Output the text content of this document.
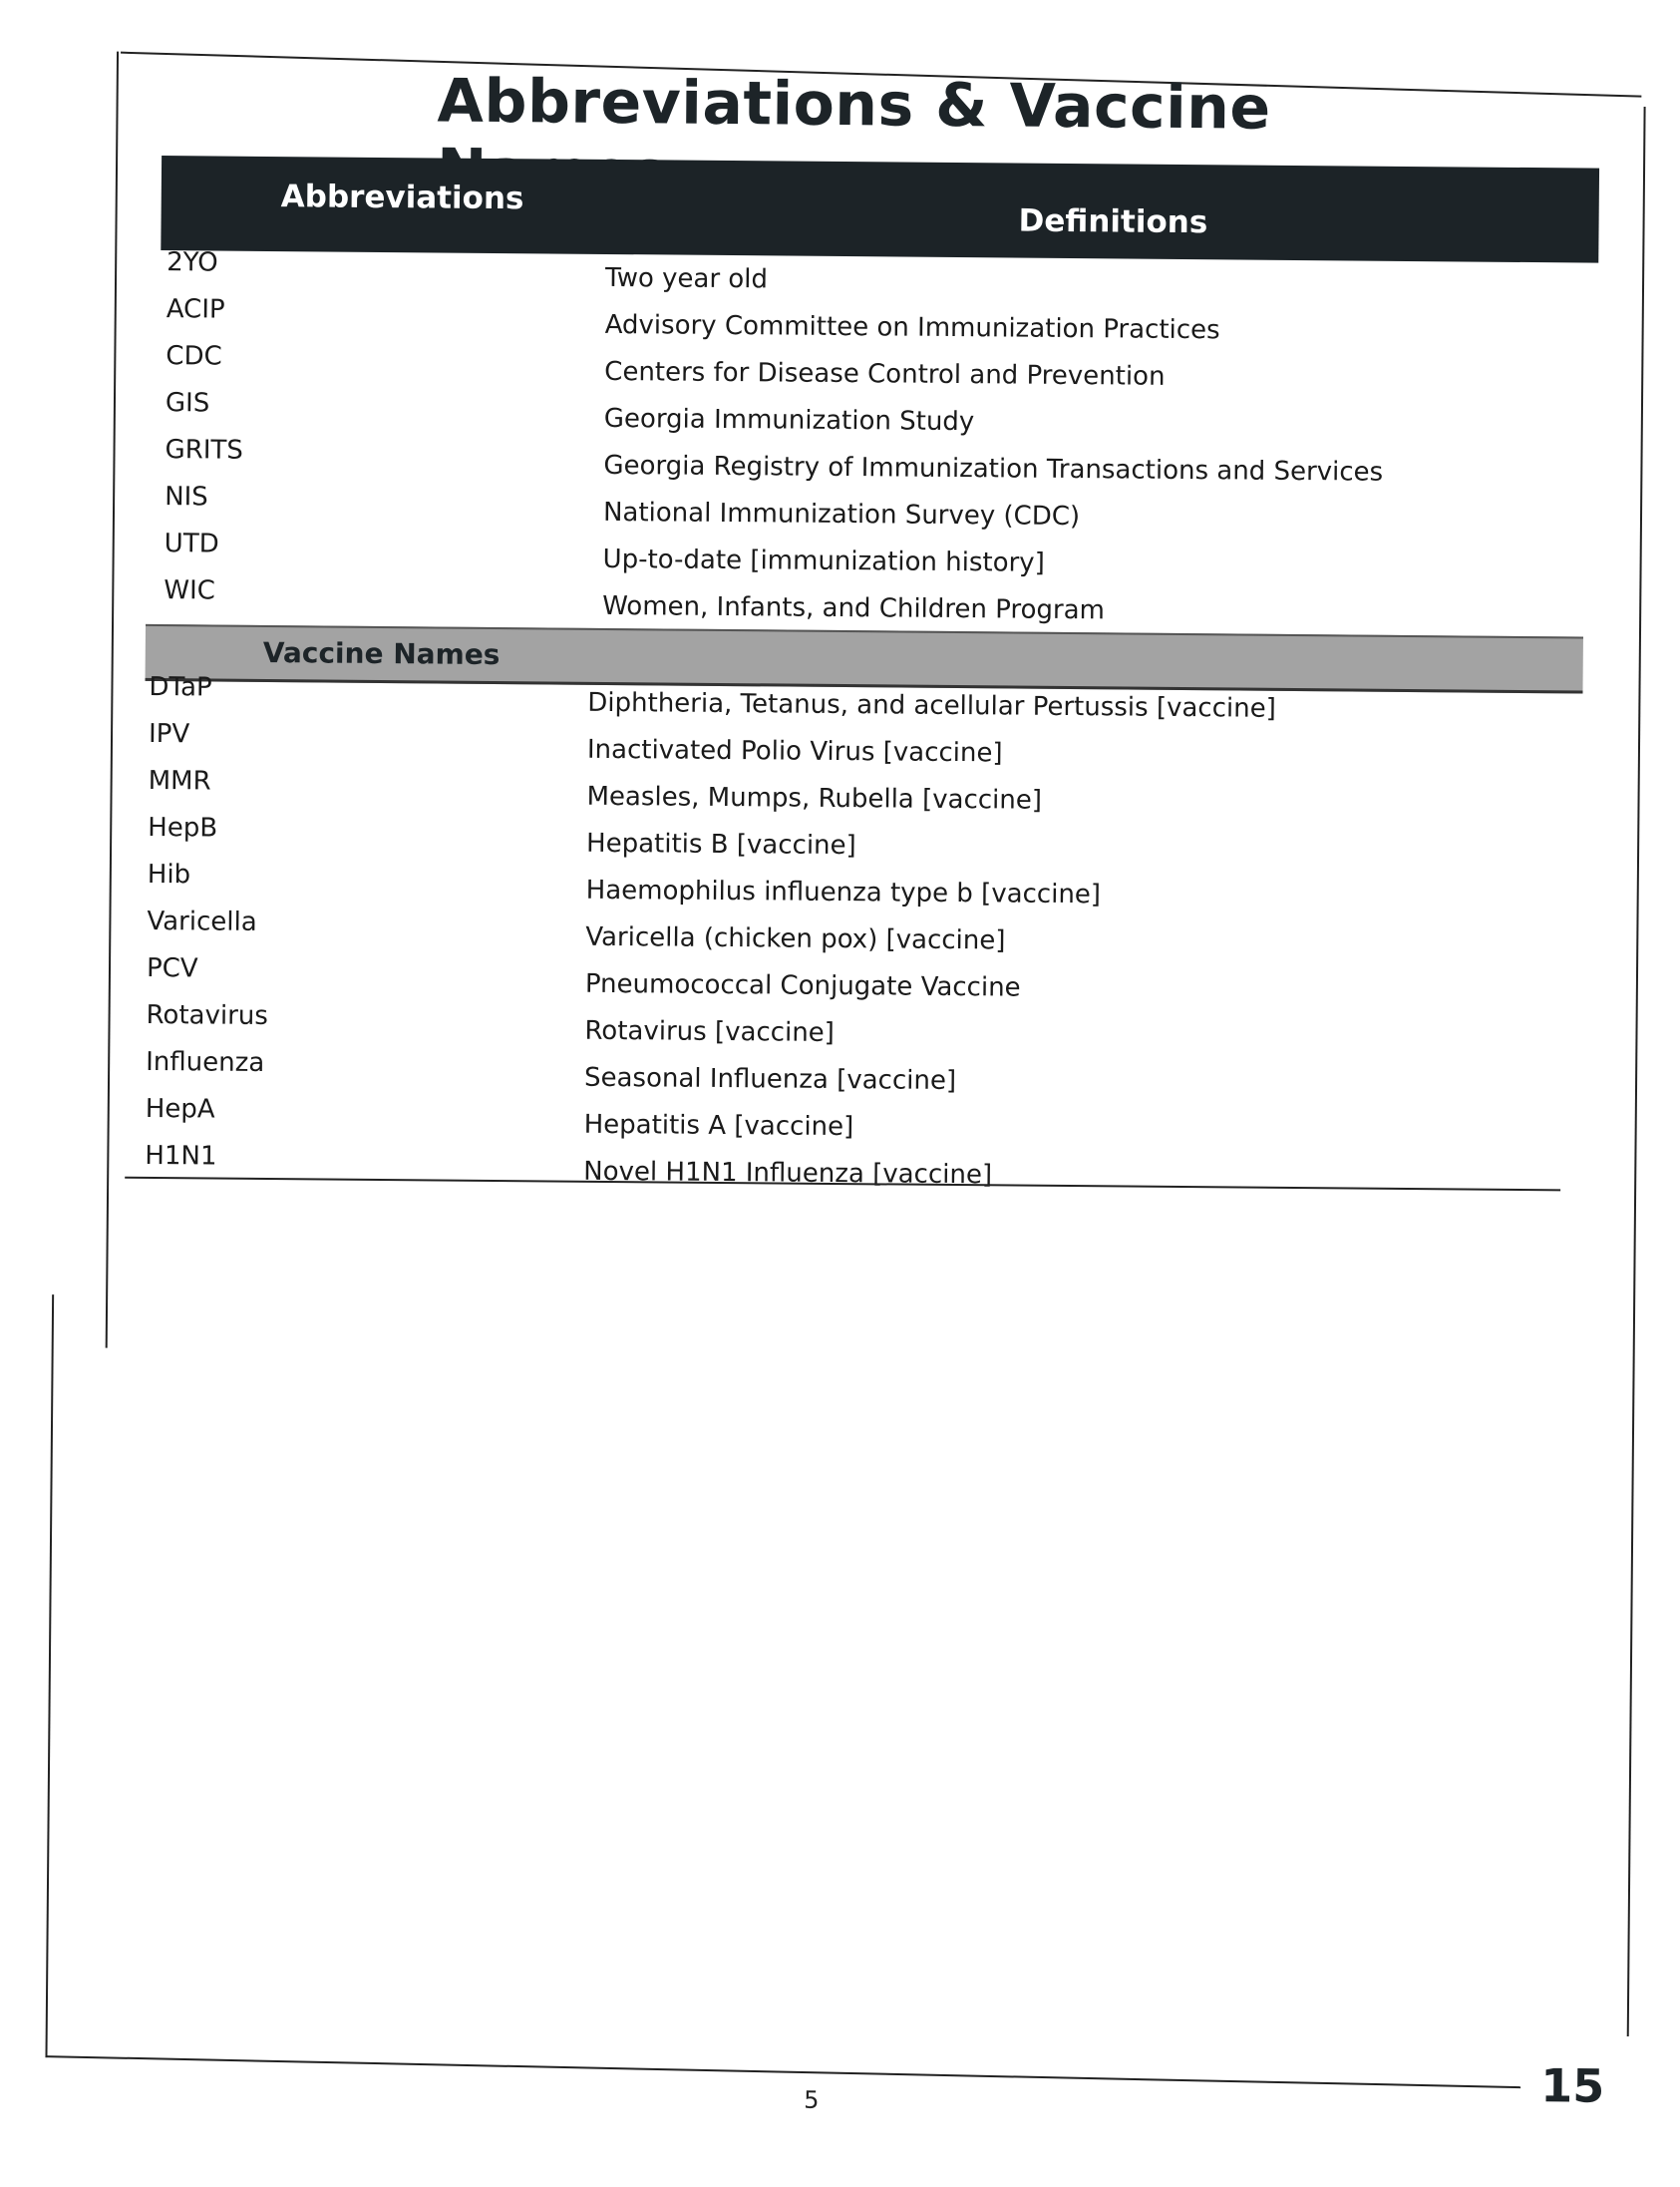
Abbreviations & Vaccine
Abbreviations
Definitions
2YO
Two year old
ACIP
Advisory Committee on Immunization Practices
CDC
Centers for Disease Control and Prevention
GIS
Georgia Immunization Study
GRITS
Georgia Registry of Immunization Transactions and Services
NIS
National Immunization Survey (CDC)
UTD
Up-to-date [immunization history]
WIC
Women, Infants, and Children Program
Vaccine Names
DTaP
Diphtheria, Tetanus, and acellular Pertussis [vaccine]
IPV
Inactivated Polio Virus [vaccine]
MMR
Measles, Mumps, Rubella [vaccine]
HepB
Hepatitis B [vaccine]
Hib
Haemophilus influenza type b [vaccine]
Varicella
Varicella (chicken pox) [vaccine]
PCV
Pneumococcal Conjugate Vaccine
Rotavirus
Rotavirus [vaccine]
Influenza
Seasonal Influenza [vaccine]
HepA
Hepatitis A [vaccine]
H1N1
Novel H1N1 Influenza [vaccine]
5	15
